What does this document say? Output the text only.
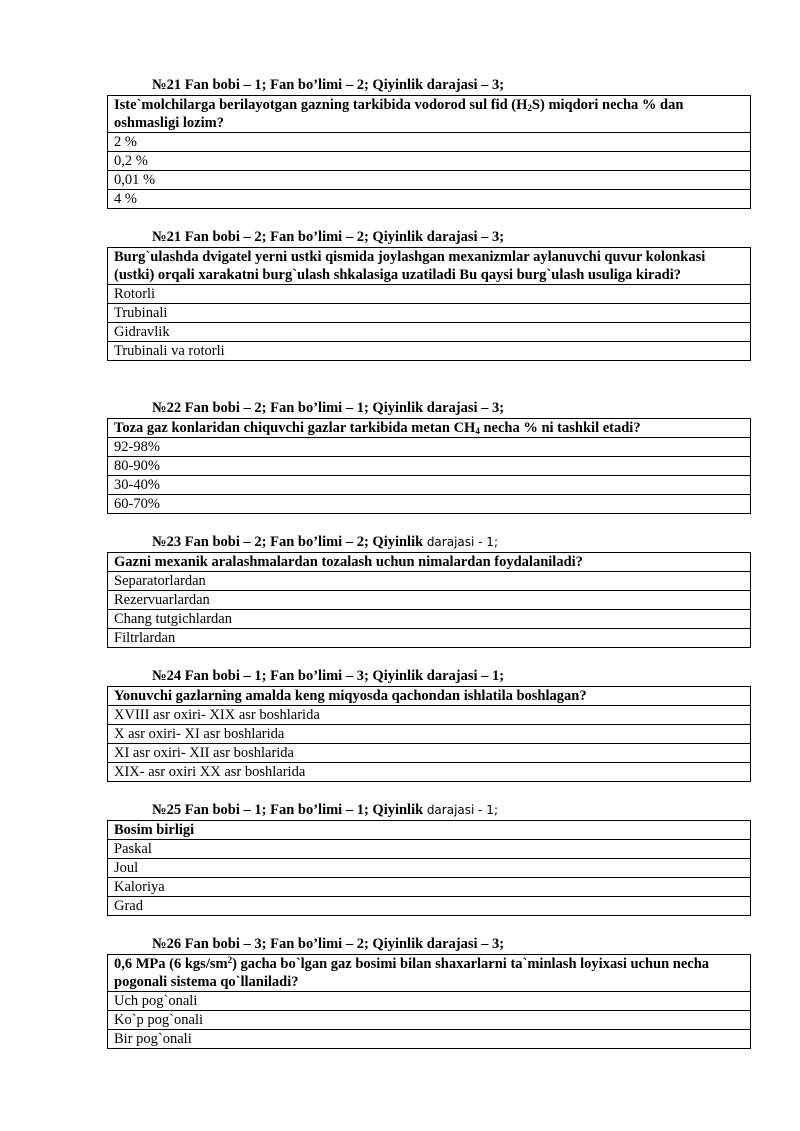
№21 Fan bobi – 1; Fan bo’limi – 2; Qiyinlik darajasi – 3;
Iste`molchilarga berilayotgan gazning tarkibida vodorod sul fid $(H_2S)$ miqdori necha % dan oshmasligi lozim?
2 %
0,2 %
0,01 %
4 %
№21 Fan bobi – 2; Fan bo’limi – 2; Qiyinlik darajasi – 3;
Burg`ulashda dvigatel yerni ustki qismida joylashgan mexanizmlar aylanuvchi quvur kolonkasi (ustki) orqali xarakatni burg`ulash shkalasiga uzatiladi Bu qaysi burg`ulash usuliga kiradi?
Rotorli
Trubinali
Gidravlik
Trubinali va rotorli
№22 Fan bobi – 2; Fan bo’limi – 1; Qiyinlik darajasi – 3;
Toza gaz konlaridan chiquvchi gazlar tarkibida metan $CH_4$ necha % ni tashkil etadi?
92-98%
80-90%
30-40%
60-70%
№23 Fan bobi – 2; Fan bo’limi – 2; Qiyinlik darajasi - 1;
Gazni mexanik aralashmalardan tozalash uchun nimalardan foydalaniladi?
Separatorlardan
Rezervuarlardan
Chang tutgichlardan
Filtrlardan
№24 Fan bobi – 1; Fan bo’limi – 3; Qiyinlik darajasi – 1;
Yonuvchi gazlarning amalda keng miqyosda qachondan ishlatila boshlagan?
XVIII asr oxiri- XIX asr boshlarida
X asr oxiri- XI asr boshlarida
XI asr oxiri- XII asr boshlarida
XIX- asr oxiri XX asr boshlarida
№25 Fan bobi – 1; Fan bo’limi – 1; Qiyinlik darajasi - 1;
Bosim birligi
Paskal
Joul
Kaloriya
Grad
№26 Fan bobi – 3; Fan bo’limi – 2; Qiyinlik darajasi – 3;
0,6 MPa (6 kgs/$sm^2$) gacha bo`lgan gaz bosimi bilan shaxarlarni ta`minlash loyixasi uchun necha pogonali sistema qo`llaniladi?
Uch pog`onali
Ko`p pog`onali
Bir pog`onali
